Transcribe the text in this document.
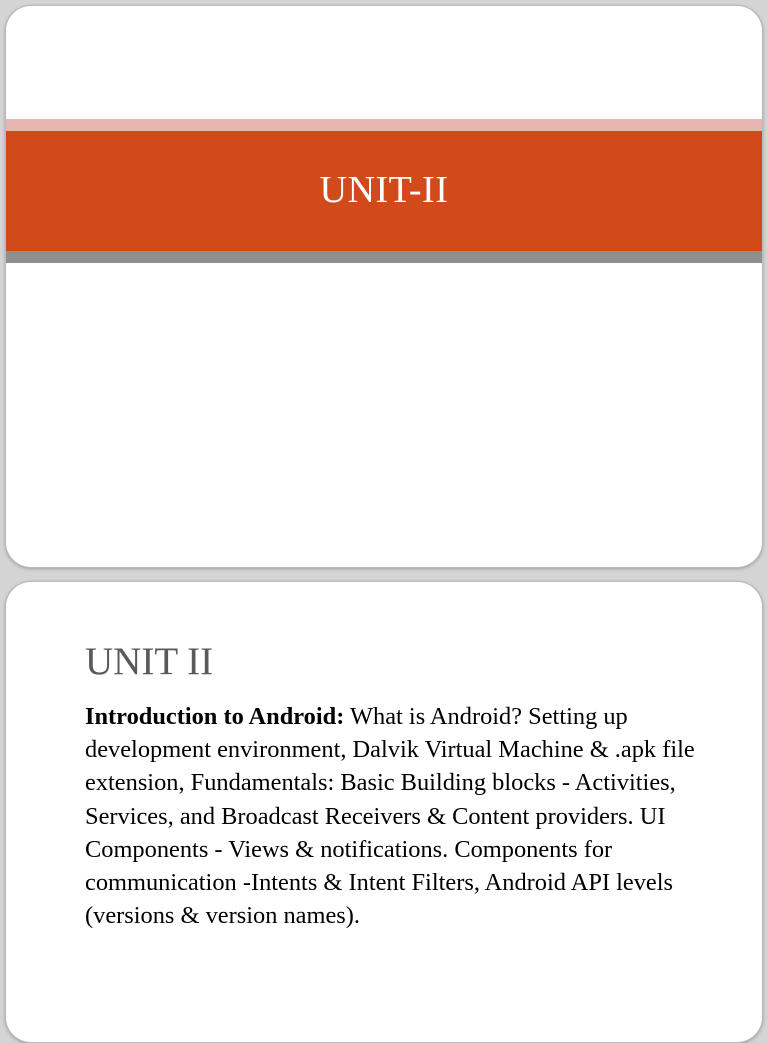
UNIT-II
UNIT II
Introduction to Android: What is Android? Setting up development environment, Dalvik Virtual Machine & .apk file extension, Fundamentals: Basic Building blocks - Activities, Services, and Broadcast Receivers & Content providers. UI Components - Views & notifications. Components for communication -Intents & Intent Filters, Android API levels (versions & version names).
